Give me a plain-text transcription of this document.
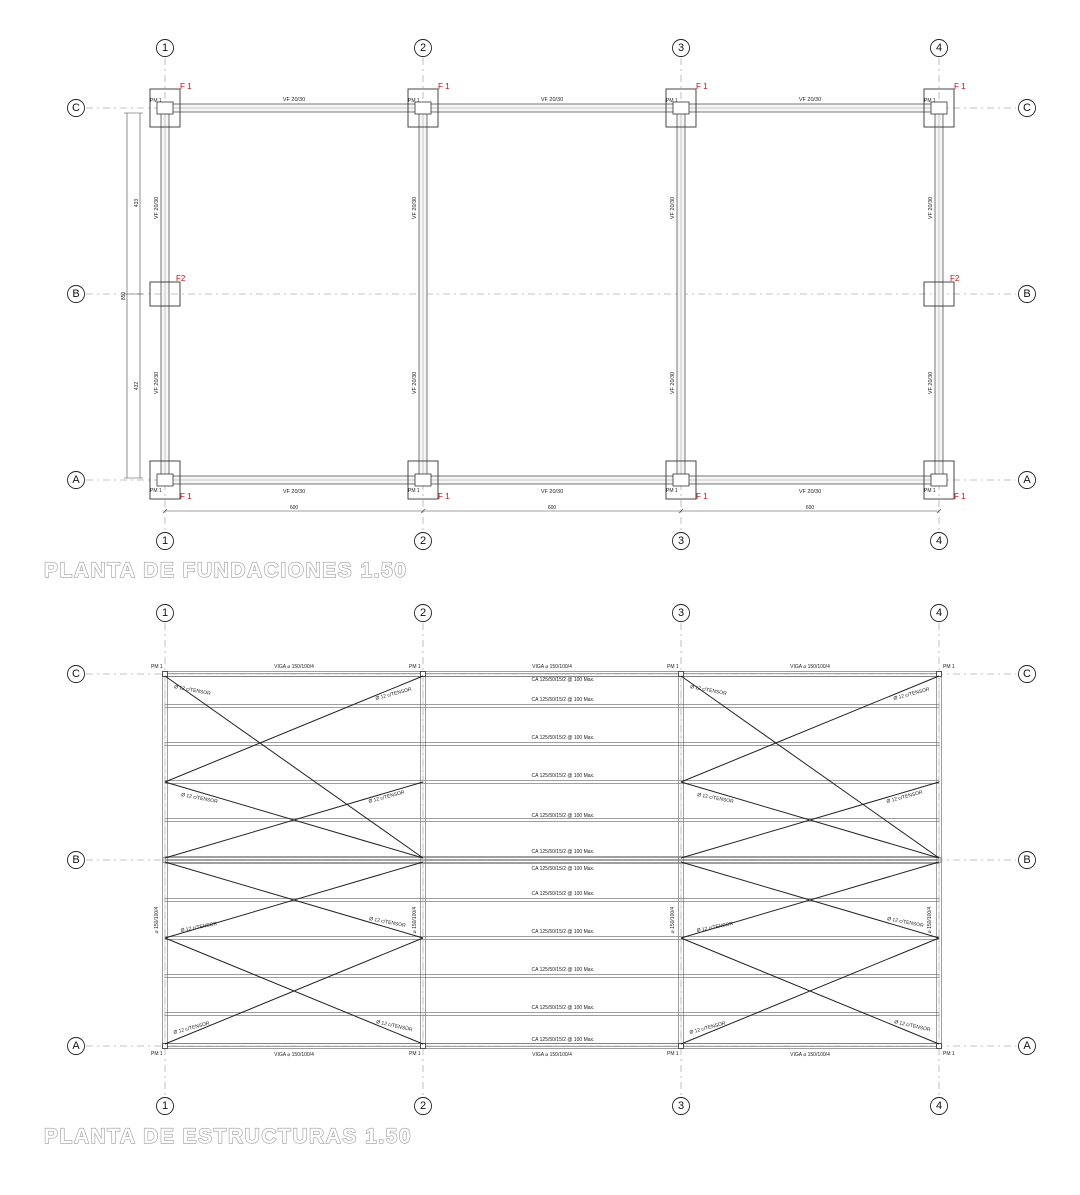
1
1
2
2
3
3
4
4
C	C
B	B
A	A
PM 1
F 1
PM 1
F 1
PM 1
F 1
PM 1
F 1
PM 1
F 1
PM 1
F 1
PM 1
F 1
PM 1
F 1
F2	F2
VF 20/30	VF 20/30	VF 20/30
VF 20/30	VF 20/30	VF 20/30
VF 20/30
VF 20/30
VF 20/30
VF 20/30
VF 20/30
VF 20/30
VF 20/30
VF 20/30
600	600	600
850
433
432
1
1
2
2
3
3
4
4
C	C
B	B
A	A
PM 1
PM 1
PM 1
PM 1
PM 1
PM 1
PM 1
PM 1
VIGA ⌀ 150/100/4	VIGA ⌀ 150/100/4	VIGA ⌀ 150/100/4
VIGA ⌀ 150/100/4	VIGA ⌀ 150/100/4	VIGA ⌀ 150/100/4
⌀ 150/100/4	⌀ 150/100/4	⌀ 150/100/4	⌀ 150/100/4
CA 125/50/15/2 @ 100 Max.
CA 125/50/15/2 @ 100 Max.
CA 125/50/15/2 @ 100 Max.
CA 125/50/15/2 @ 100 Max.
CA 125/50/15/2 @ 100 Max.
CA 125/50/15/2 @ 100 Max.
CA 125/50/15/2 @ 100 Max.
CA 125/50/15/2 @ 100 Max.
CA 125/50/15/2 @ 100 Max.
CA 125/50/15/2 @ 100 Max.
CA 125/50/15/2 @ 100 Max.
CA 125/50/15/2 @ 100 Max.
Ø 12 c/TENSOR	Ø 12 c/TENSOR
Ø 12 c/TENSOR	Ø 12 c/TENSOR
Ø 12 c/TENSOR	Ø 12 c/TENSOR
Ø 12 c/TENSOR	Ø 12 c/TENSOR
Ø 12 c/TENSOR	Ø 12 c/TENSOR
Ø 12 c/TENSOR	Ø 12 c/TENSOR
Ø 12 c/TENSOR	Ø 12 c/TENSOR
Ø 12 c/TENSOR	Ø 12 c/TENSOR
PLANTA DE FUNDACIONES 1.50
PLANTA DE ESTRUCTURAS 1.50
